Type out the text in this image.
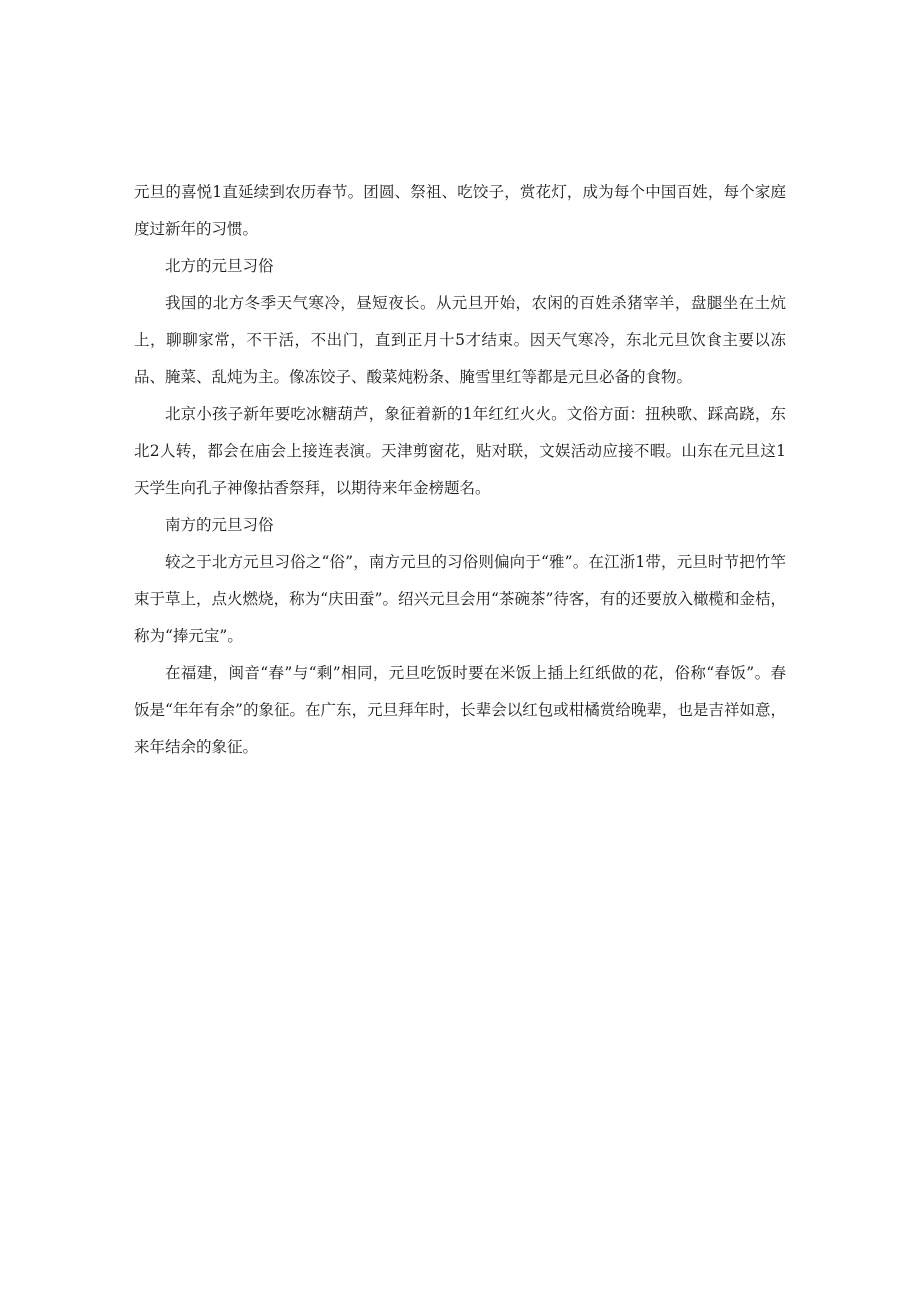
元旦的喜悦1直延续到农历春节。团圆、祭祖、吃饺子，赏花灯，成为每个中国百姓，每个家庭度过新年的习惯。

北方的元旦习俗

我国的北方冬季天气寒冷，昼短夜长。从元旦开始，农闲的百姓杀猪宰羊，盘腿坐在土炕上，聊聊家常，不干活，不出门，直到正月十5才结束。因天气寒冷，东北元旦饮食主要以冻品、腌菜、乱炖为主。像冻饺子、酸菜炖粉条、腌雪里红等都是元旦必备的食物。

北京小孩子新年要吃冰糖葫芦，象征着新的1年红红火火。文俗方面：扭秧歌、踩高跷，东北2人转，都会在庙会上接连表演。天津剪窗花，贴对联，文娱活动应接不暇。山东在元旦这1天学生向孔子神像拈香祭拜，以期待来年金榜题名。

南方的元旦习俗

较之于北方元旦习俗之“俗”，南方元旦的习俗则偏向于“雅”。在江浙1带，元旦时节把竹竿束于草上，点火燃烧，称为“庆田蚕”。绍兴元旦会用“茶碗茶”待客，有的还要放入橄榄和金桔，称为“捧元宝”。

在福建，闽音“春”与“剩”相同，元旦吃饭时要在米饭上插上红纸做的花，俗称“春饭”。春饭是“年年有余”的象征。在广东，元旦拜年时，长辈会以红包或柑橘赏给晚辈，也是吉祥如意，来年结余的象征。
